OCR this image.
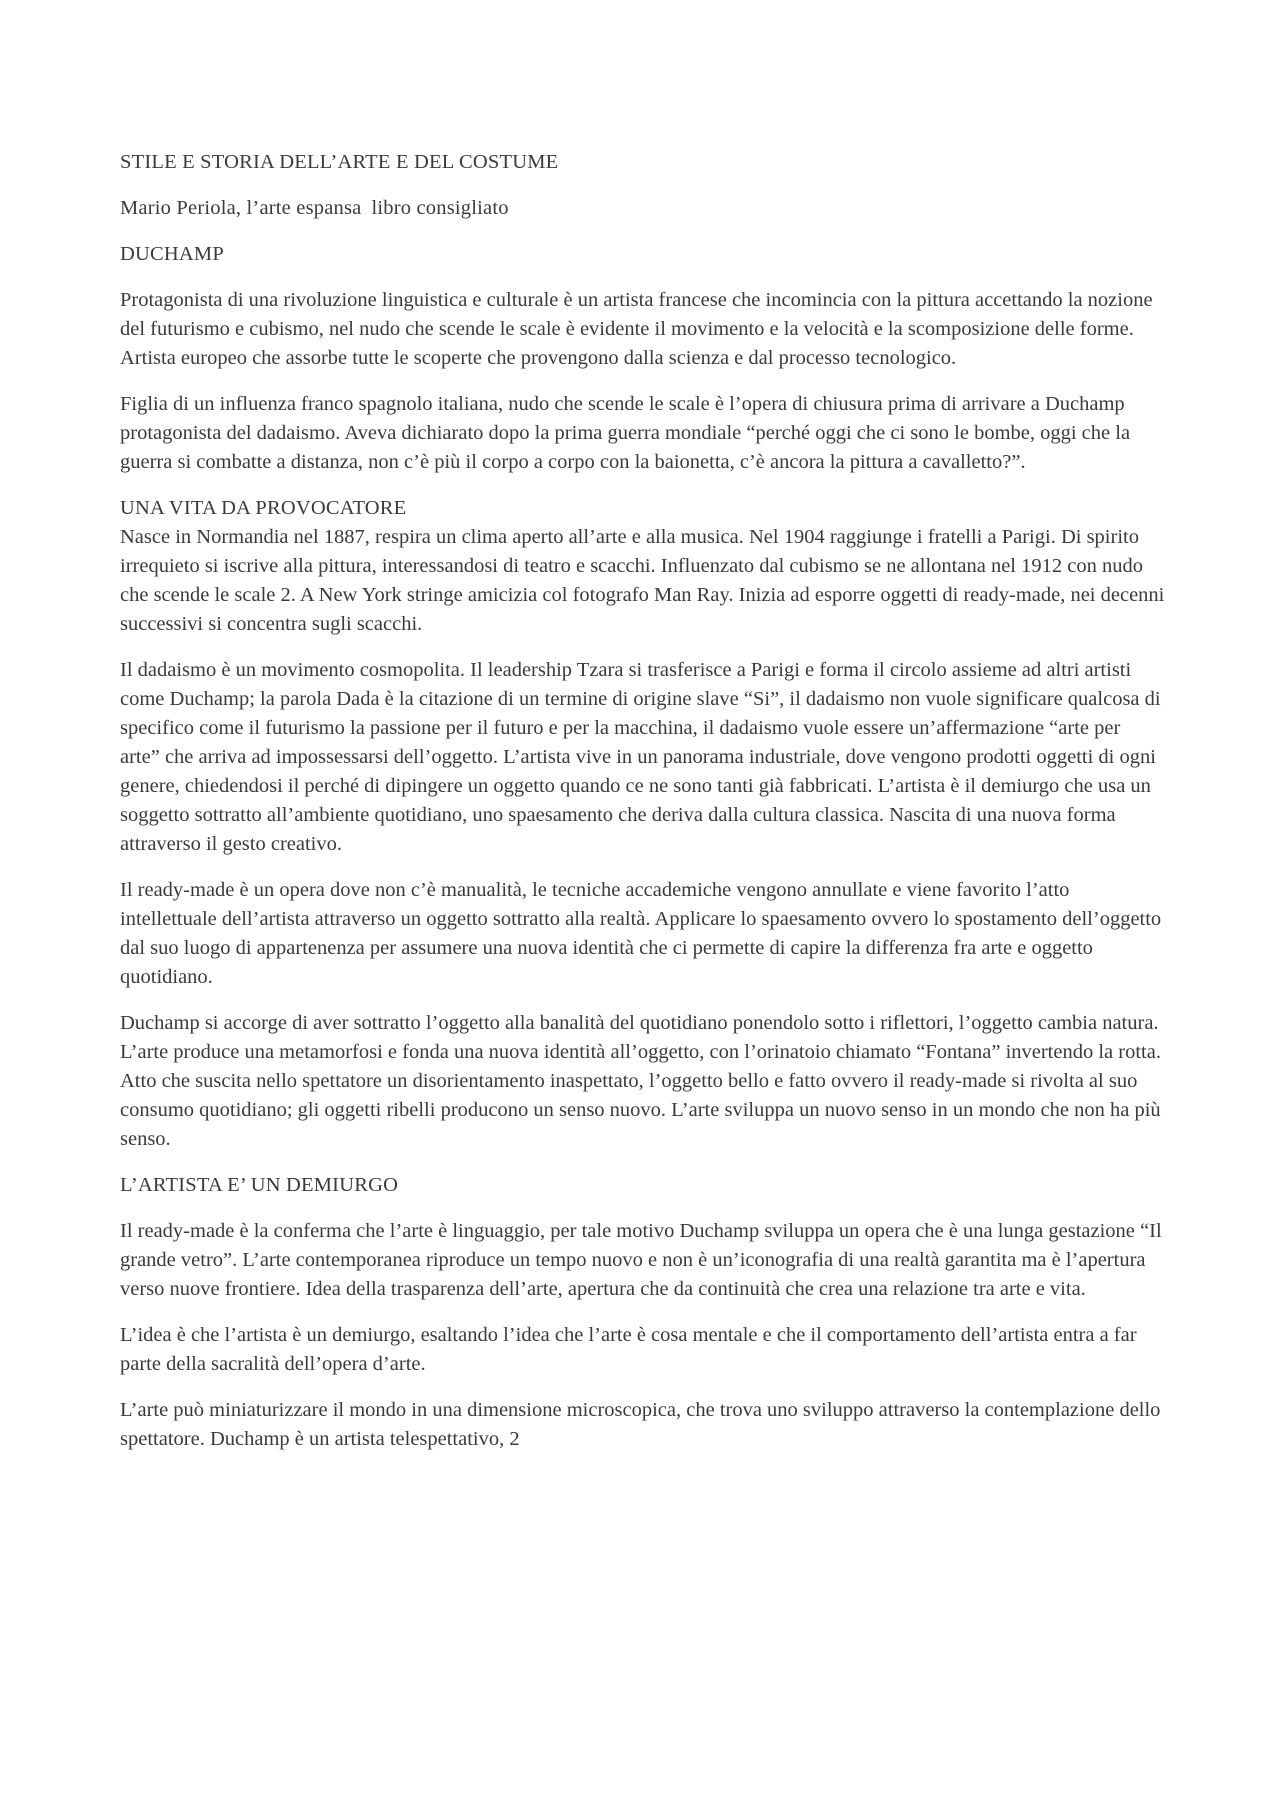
STILE E STORIA DELL’ARTE E DEL COSTUME
Mario Periola, l’arte espansa libro consigliato
DUCHAMP

Protagonista di una rivoluzione linguistica e culturale è un artista francese che incomincia con la pittura accettando la nozione del futurismo e cubismo, nel nudo che scende le scale è evidente il movimento e la velocità e la scomposizione delle forme. Artista europeo che assorbe tutte le scoperte che provengono dalla scienza e dal processo tecnologico.

Figlia di un influenza franco spagnolo italiana, nudo che scende le scale è l’opera di chiusura prima di arrivare a Duchamp protagonista del dadaismo. Aveva dichiarato dopo la prima guerra mondiale “perché oggi che ci sono le bombe, oggi che la guerra si combatte a distanza, non c’è più il corpo a corpo con la baionetta, c’è ancora la pittura a cavalletto?”.

UNA VITA DA PROVOCATORE

Nasce in Normandia nel 1887, respira un clima aperto all’arte e alla musica. Nel 1904 raggiunge i fratelli a Parigi. Di spirito irrequieto si iscrive alla pittura, interessandosi di teatro e scacchi. Influenzato dal cubismo se ne allontana nel 1912 con nudo che scende le scale 2. A New York stringe amicizia col fotografo Man Ray. Inizia ad esporre oggetti di ready-made, nei decenni successivi si concentra sugli scacchi.

Il dadaismo è un movimento cosmopolita. Il leadership Tzara si trasferisce a Parigi e forma il circolo assieme ad altri artisti come Duchamp; la parola Dada è la citazione di un termine di origine slave “Si”, il dadaismo non vuole significare qualcosa di specifico come il futurismo la passione per il futuro e per la macchina, il dadaismo vuole essere un’affermazione “arte per arte” che arriva ad impossessarsi dell’oggetto. L’artista vive in un panorama industriale, dove vengono prodotti oggetti di ogni genere, chiedendosi il perché di dipingere un oggetto quando ce ne sono tanti già fabbricati. L’artista è il demiurgo che usa un soggetto sottratto all’ambiente quotidiano, uno spaesamento che deriva dalla cultura classica. Nascita di una nuova forma attraverso il gesto creativo.

Il ready-made è un opera dove non c’è manualità, le tecniche accademiche vengono annullate e viene favorito l’atto intellettuale dell’artista attraverso un oggetto sottratto alla realtà. Applicare lo spaesamento ovvero lo spostamento dell’oggetto dal suo luogo di appartenenza per assumere una nuova identità che ci permette di capire la differenza fra arte e oggetto quotidiano.

Duchamp si accorge di aver sottratto l’oggetto alla banalità del quotidiano ponendolo sotto i riflettori, l’oggetto cambia natura. L’arte produce una metamorfosi e fonda una nuova identità all’oggetto, con l’orinatoio chiamato “Fontana” invertendo la rotta. Atto che suscita nello spettatore un disorientamento inaspettato, l’oggetto bello e fatto ovvero il ready-made si rivolta al suo consumo quotidiano; gli oggetti ribelli producono un senso nuovo. L’arte sviluppa un nuovo senso in un mondo che non ha più senso.

L’ARTISTA E’ UN DEMIURGO

Il ready-made è la conferma che l’arte è linguaggio, per tale motivo Duchamp sviluppa un opera che è una lunga gestazione “Il grande vetro”. L’arte contemporanea riproduce un tempo nuovo e non è un’iconografia di una realtà garantita ma è l’apertura verso nuove frontiere. Idea della trasparenza dell’arte, apertura che da continuità che crea una relazione tra arte e vita.

L’idea è che l’artista è un demiurgo, esaltando l’idea che l’arte è cosa mentale e che il comportamento dell’artista entra a far parte della sacralità dell’opera d’arte.

L’arte può miniaturizzare il mondo in una dimensione microscopica, che trova uno sviluppo attraverso la contemplazione dello spettatore. Duchamp è un artista telespettativo, 2
